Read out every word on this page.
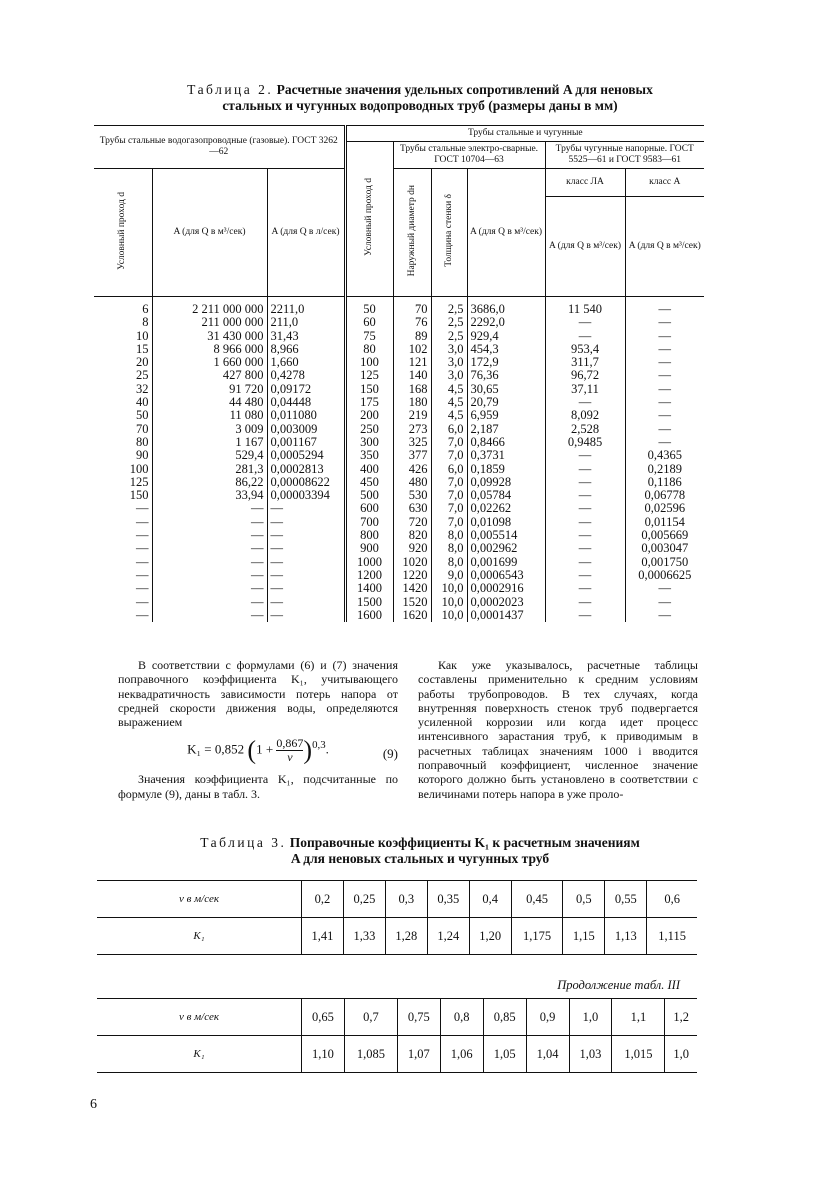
Таблица 2. Расчетные значения удельных сопротивлений A для неновых
стальных и чугунных водопроводных труб (размеры даны в мм)
Трубы стальные водогазопроводные (газовые). ГОСТ 3262—62			Трубы стальные и чугунные					
			Условный проход d	Трубы стальные электро-сварные. ГОСТ 10704—63			Трубы чугунные напорные. ГОСТ 5525—61 и ГОСТ 9583—61	
Условный проход d	A (для Q в м³/сек)	A (для Q в л/сек)		Наружный диаметр dн	Толщина стенки δ	A (для Q в м³/сек)	класс ЛА	класс А
							A (для Q в м³/сек)	A (для Q в м³/сек)
6	2 211 000 000	2211,0	50	70	2,5	3686,0	11 540	—
8	211 000 000	211,0	60	76	2,5	2292,0	—	—
10	31 430 000	31,43	75	89	2,5	929,4	—	—
15	8 966 000	8,966	80	102	3,0	454,3	953,4	—
20	1 660 000	1,660	100	121	3,0	172,9	311,7	—
25	427 800	0,4278	125	140	3,0	76,36	96,72	—
32	91 720	0,09172	150	168	4,5	30,65	37,11	—
40	44 480	0,04448	175	180	4,5	20,79	—	—
50	11 080	0,011080	200	219	4,5	6,959	8,092	—
70	3 009	0,003009	250	273	6,0	2,187	2,528	—
80	1 167	0,001167	300	325	7,0	0,8466	0,9485	—
90	529,4	0,0005294	350	377	7,0	0,3731	—	0,4365
100	281,3	0,0002813	400	426	6,0	0,1859	—	0,2189
125	86,22	0,00008622	450	480	7,0	0,09928	—	0,1186
150	33,94	0,00003394	500	530	7,0	0,05784	—	0,06778
—	—	—	600	630	7,0	0,02262	—	0,02596
—	—	—	700	720	7,0	0,01098	—	0,01154
—	—	—	800	820	8,0	0,005514	—	0,005669
—	—	—	900	920	8,0	0,002962	—	0,003047
—	—	—	1000	1020	8,0	0,001699	—	0,001750
—	—	—	1200	1220	9,0	0,0006543	—	0,0006625
—	—	—	1400	1420	10,0	0,0002916	—	—
—	—	—	1500	1520	10,0	0,0002023	—	—
—	—	—	1600	1620	10,0	0,0001437	—	—

В соответствии с формулами (6) и (7) значения поправочного коэффициента K₁, учитывающего неквадратичность зависимости потерь напора от средней скорости движения воды, определяются выражением

K₁ = 0,852 $(1 + \frac{0,867}{v} )^{0,3}$.	(9)

Значения коэффициента K₁, подсчитанные по формуле (9), даны в табл. 3.

Как уже указывалось, расчетные таблицы составлены применительно к средним условиям работы трубопроводов. В тех случаях, когда внутренняя поверхность стенок труб подвергается усиленной коррозии или когда идет процесс интенсивного зарастания труб, к приводимым в расчетных таблицах значениям 1000 i вводится поправочный коэффициент, численное значение которого должно быть установлено в соответствии с величинами потерь напора в уже проло-

Таблица 3. Поправочные коэффициенты K₁ к расчетным значениям
A для неновых стальных и чугунных труб
v в м/сек	0,2	0,25	0,3	0,35	0,4	0,45	0,5	0,55	0,6
K₁	1,41	1,33	1,28	1,24	1,20	1,175	1,15	1,13	1,115
Продолжение табл. III
v в м/сек	0,65	0,7	0,75	0,8	0,85	0,9	1,0	1,1	1,2
K₁	1,10	1,085	1,07	1,06	1,05	1,04	1,03	1,015	1,0
6
